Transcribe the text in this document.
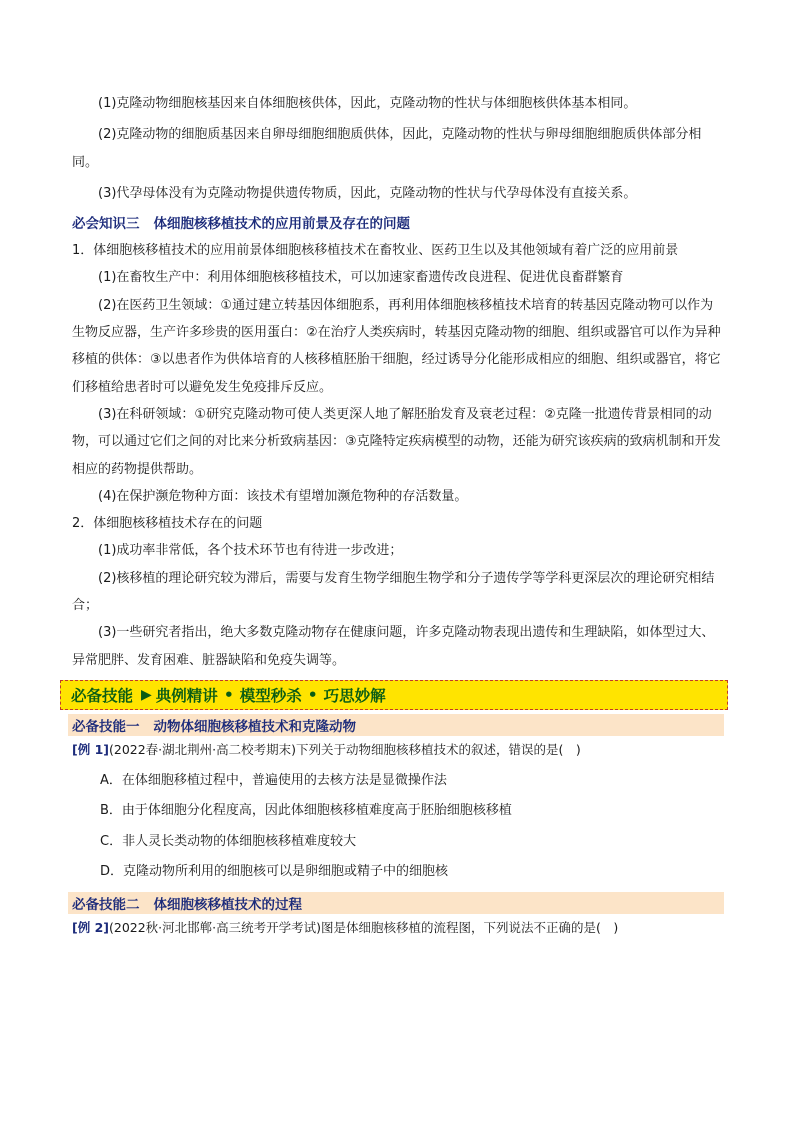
(1)克隆动物细胞核基因来自体细胞核供体，因此，克隆动物的性状与体细胞核供体基本相同。

(2)克隆动物的细胞质基因来自卵母细胞细胞质供体，因此，克隆动物的性状与卵母细胞细胞质供体部分相同。

(3)代孕母体没有为克隆动物提供遗传物质，因此，克隆动物的性状与代孕母体没有直接关系。

必会知识三 体细胞核移植技术的应用前景及存在的问题

1．体细胞核移植技术的应用前景体细胞核移植技术在畜牧业、医药卫生以及其他领域有着广泛的应用前景

(1)在畜牧生产中：利用体细胞核移植技术，可以加速家畜遗传改良进程、促进优良畜群繁育

(2)在医药卫生领域：①通过建立转基因体细胞系，再利用体细胞核移植技术培育的转基因克隆动物可以作为生物反应器，生产许多珍贵的医用蛋白：②在治疗人类疾病时，转基因克隆动物的细胞、组织或器官可以作为异种移植的供体：③以患者作为供体培育的人核移植胚胎干细胞，经过诱导分化能形成相应的细胞、组织或器官，将它们移植给患者时可以避免发生免疫排斥反应。

(3)在科研领域：①研究克隆动物可使人类更深人地了解胚胎发育及衰老过程：②克隆一批遗传背景相同的动物，可以通过它们之间的对比来分析致病基因：③克隆特定疾病模型的动物，还能为研究该疾病的致病机制和开发相应的药物提供帮助。

(4)在保护濒危物种方面：该技术有望增加濒危物种的存活数量。

2．体细胞核移植技术存在的问题

(1)成功率非常低，各个技术环节也有待进一步改进；

(2)核移植的理论研究较为滞后，需要与发育生物学细胞生物学和分子遗传学等学科更深层次的理论研究相结合；

(3)一些研究者指出，绝大多数克隆动物存在健康问题，许多克隆动物表现出遗传和生理缺陷，如体型过大、异常肥胖、发育困难、脏器缺陷和免疫失调等。

必备技能 ▶ 典例精讲 • 模型秒杀 • 巧思妙解
必备技能一 动物体细胞核移植技术和克隆动物
[例 1](2022春·湖北荆州·高二校考期末)下列关于动物细胞核移植技术的叙述，错误的是(　)

A．在体细胞移植过程中，普遍使用的去核方法是显微操作法

B．由于体细胞分化程度高，因此体细胞核移植难度高于胚胎细胞核移植

C．非人灵长类动物的体细胞核移植难度较大

D．克隆动物所利用的细胞核可以是卵细胞或精子中的细胞核

必备技能二 体细胞核移植技术的过程
[例 2](2022秋·河北邯郸·高三统考开学考试)图是体细胞核移植的流程图，下列说法不正确的是(　)
